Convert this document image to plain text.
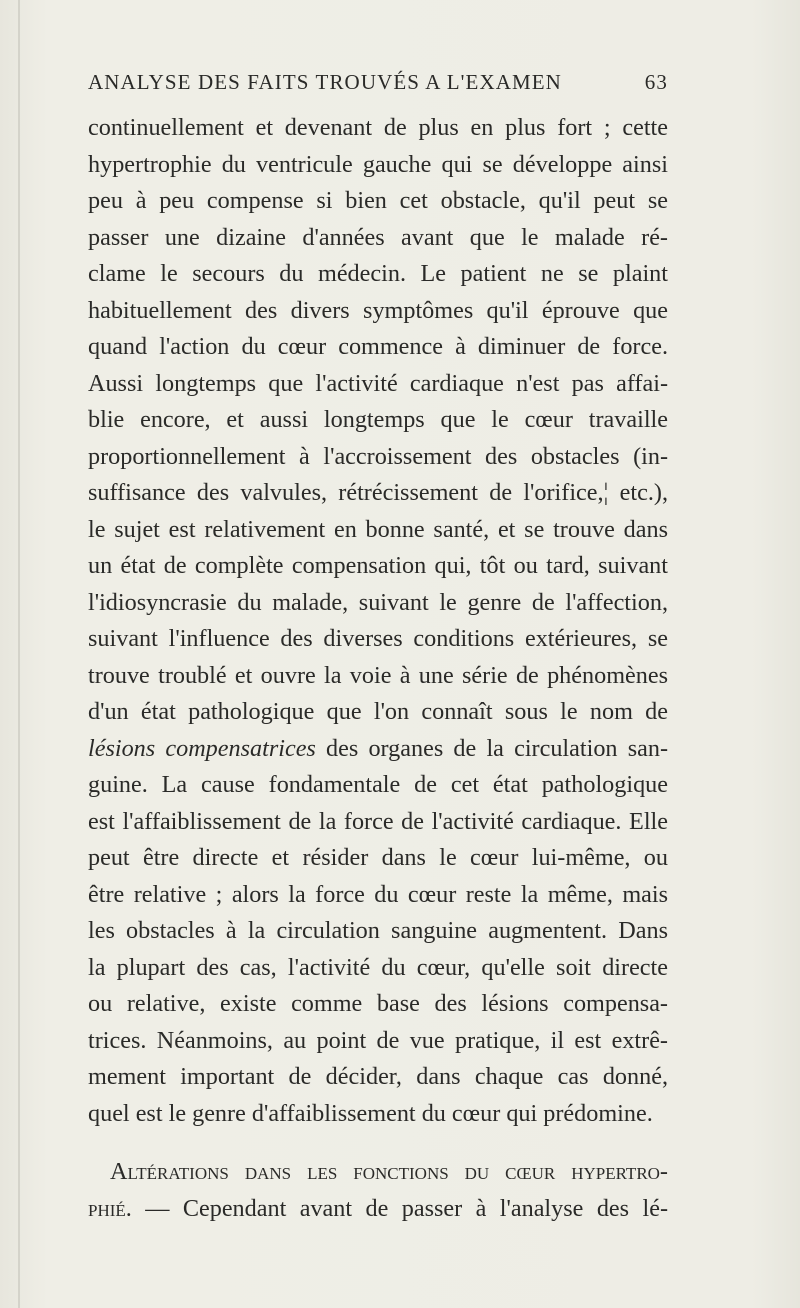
ANALYSE DES FAITS TROUVÉS A L'EXAMEN	63
continuellement et devenant de plus en plus fort ; cette
hypertrophie du ventricule gauche qui se développe ainsi
peu à peu compense si bien cet obstacle, qu'il peut se
passer une dizaine d'années avant que le malade ré-
clame le secours du médecin. Le patient ne se plaint
habituellement des divers symptômes qu'il éprouve que
quand l'action du cœur commence à diminuer de force.
Aussi longtemps que l'activité cardiaque n'est pas affai-
blie encore, et aussi longtemps que le cœur travaille
proportionnellement à l'accroissement des obstacles (in-
suffisance des valvules, rétrécissement de l'orifice,¦ etc.),
le sujet est relativement en bonne santé, et se trouve dans
un état de complète compensation qui, tôt ou tard, suivant
l'idiosyncrasie du malade, suivant le genre de l'affection,
suivant l'influence des diverses conditions extérieures, se
trouve troublé et ouvre la voie à une série de phénomènes
d'un état pathologique que l'on connaît sous le nom de
lésions compensatrices des organes de la circulation san-
guine. La cause fondamentale de cet état pathologique
est l'affaiblissement de la force de l'activité cardiaque. Elle
peut être directe et résider dans le cœur lui-même, ou
être relative ; alors la force du cœur reste la même, mais
les obstacles à la circulation sanguine augmentent. Dans
la plupart des cas, l'activité du cœur, qu'elle soit directe
ou relative, existe comme base des lésions compensa-
trices. Néanmoins, au point de vue pratique, il est extrê-
mement important de décider, dans chaque cas donné,
quel est le genre d'affaiblissement du cœur qui prédomine.
Altérations dans les fonctions du cœur hypertro-
phié. — Cependant avant de passer à l'analyse des lé-
